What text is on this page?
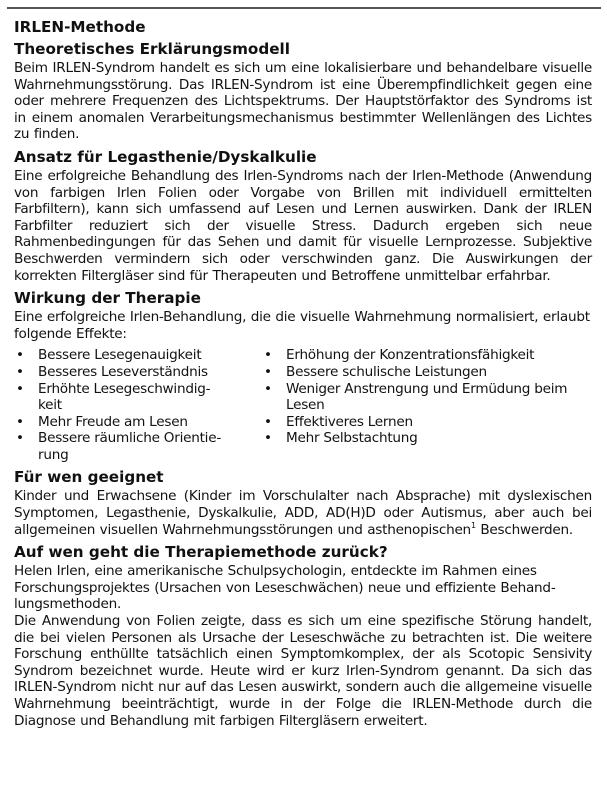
IRLEN-Methode
Theoretisches Erklärungsmodell

Beim IRLEN-Syndrom handelt es sich um eine lokalisierbare und behandelbare visuelle Wahrnehmungsstörung. Das IRLEN-Syndrom ist eine Überempfindlichkeit gegen eine oder mehrere Frequenzen des Lichtspektrums. Der Hauptstörfaktor des Syndroms ist in einem anomalen Verarbeitungsmechanismus bestimmter Wellenlängen des Lichtes zu finden.

Ansatz für Legasthenie/Dyskalkulie

Eine erfolgreiche Behandlung des Irlen-Syndroms nach der Irlen-Methode (Anwendung von farbigen Irlen Folien oder Vorgabe von Brillen mit individuell ermittelten Farbfiltern), kann sich umfassend auf Lesen und Lernen auswirken. Dank der IRLEN Farbfilter reduziert sich der visuelle Stress. Dadurch ergeben sich neue Rahmenbedingungen für das Sehen und damit für visuelle Lernprozesse. Subjektive Beschwerden vermindern sich oder verschwinden ganz. Die Auswirkungen der korrekten Filtergläser sind für Therapeuten und Betroffene unmittelbar erfahrbar.

Wirkung der Therapie

Eine erfolgreiche Irlen-Behandlung, die die visuelle Wahrnehmung normalisiert, erlaubt folgende Effekte:

• Bessere Lesegenauigkeit
• Besseres Leseverständnis
• Erhöhte Lesegeschwindigkeit
• Mehr Freude am Lesen
• Bessere räumliche Orientierung
• Erhöhung der Konzentrationsfähigkeit
• Bessere schulische Leistungen
• Weniger Anstrengung und Ermüdung beim Lesen
• Effektiveres Lernen
• Mehr Selbstachtung
Für wen geeignet

Kinder und Erwachsene (Kinder im Vorschulalter nach Absprache) mit dyslexischen Symptomen, Legasthenie, Dyskalkulie, ADD, AD(H)D oder Autismus, aber auch bei allgemeinen visuellen Wahrnehmungsstörungen und asthenopischen$^1$ Beschwerden.

Auf wen geht die Therapiemethode zurück?

Helen Irlen, eine amerikanische Schulpsychologin, entdeckte im Rahmen eines Forschungsprojektes (Ursachen von Leseschwächen) neue und effiziente Behandlungsmethoden.

Die Anwendung von Folien zeigte, dass es sich um eine spezifische Störung handelt, die bei vielen Personen als Ursache der Leseschwäche zu betrachten ist. Die weitere Forschung enthüllte tatsächlich einen Symptomkomplex, der als Scotopic Sensivity Syndrom bezeichnet wurde. Heute wird er kurz Irlen-Syndrom genannt. Da sich das IRLEN-Syndrom nicht nur auf das Lesen auswirkt, sondern auch die allgemeine visuelle Wahrnehmung beeinträchtigt, wurde in der Folge die IRLEN-Methode durch die Diagnose und Behandlung mit farbigen Filtergläsern erweitert.
